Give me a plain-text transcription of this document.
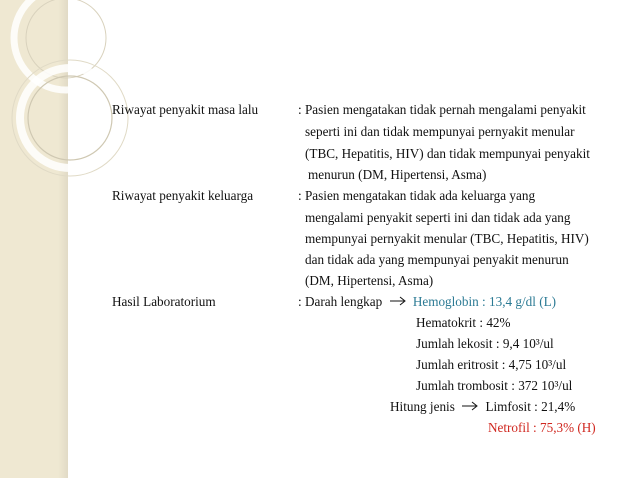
Riwayat penyakit masa lalu	: Pasien mengatakan tidak pernah mengalami penyakit
seperti ini dan tidak mempunyai pernyakit menular
(TBC, Hepatitis, HIV) dan tidak mempunyai penyakit
menurun (DM, Hipertensi, Asma)
Riwayat penyakit keluarga	: Pasien mengatakan tidak ada keluarga yang
mengalami penyakit seperti ini dan tidak ada yang
mempunyai pernyakit menular (TBC, Hepatitis, HIV)
dan tidak ada yang mempunyai penyakit menurun
(DM, Hipertensi, Asma)
Hasil Laboratorium	: Darah lengkap Hemoglobin : 13,4 g/dl (L)
Hematokrit : 42%
Jumlah lekosit : 9,4 10³/ul
Jumlah eritrosit : 4,75 10³/ul
Jumlah trombosit : 372 10³/ul
Hitung jenis Limfosit : 21,4%
Netrofil : 75,3% (H)
